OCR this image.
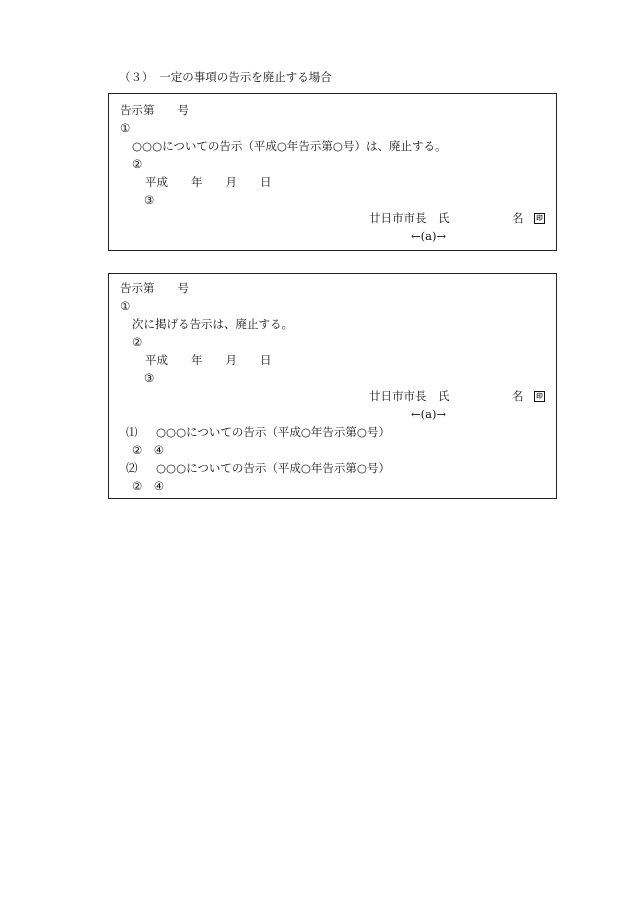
（３）　一定の事項の告示を廃止する場合
告示第　　号
①
○○○についての告示（平成○年告示第○号）は、廃止する。
②
平成　　年　　月　　日
③
廿日市市長　氏	名	印
←(a)→
告示第　　号
①
次に掲げる告示は、廃止する。
②
平成　　年　　月　　日
③
廿日市市長　氏	名	印
←(a)→
⑴ ○○○についての告示（平成○年告示第○号）
②　④
⑵ ○○○についての告示（平成○年告示第○号）
②　④
